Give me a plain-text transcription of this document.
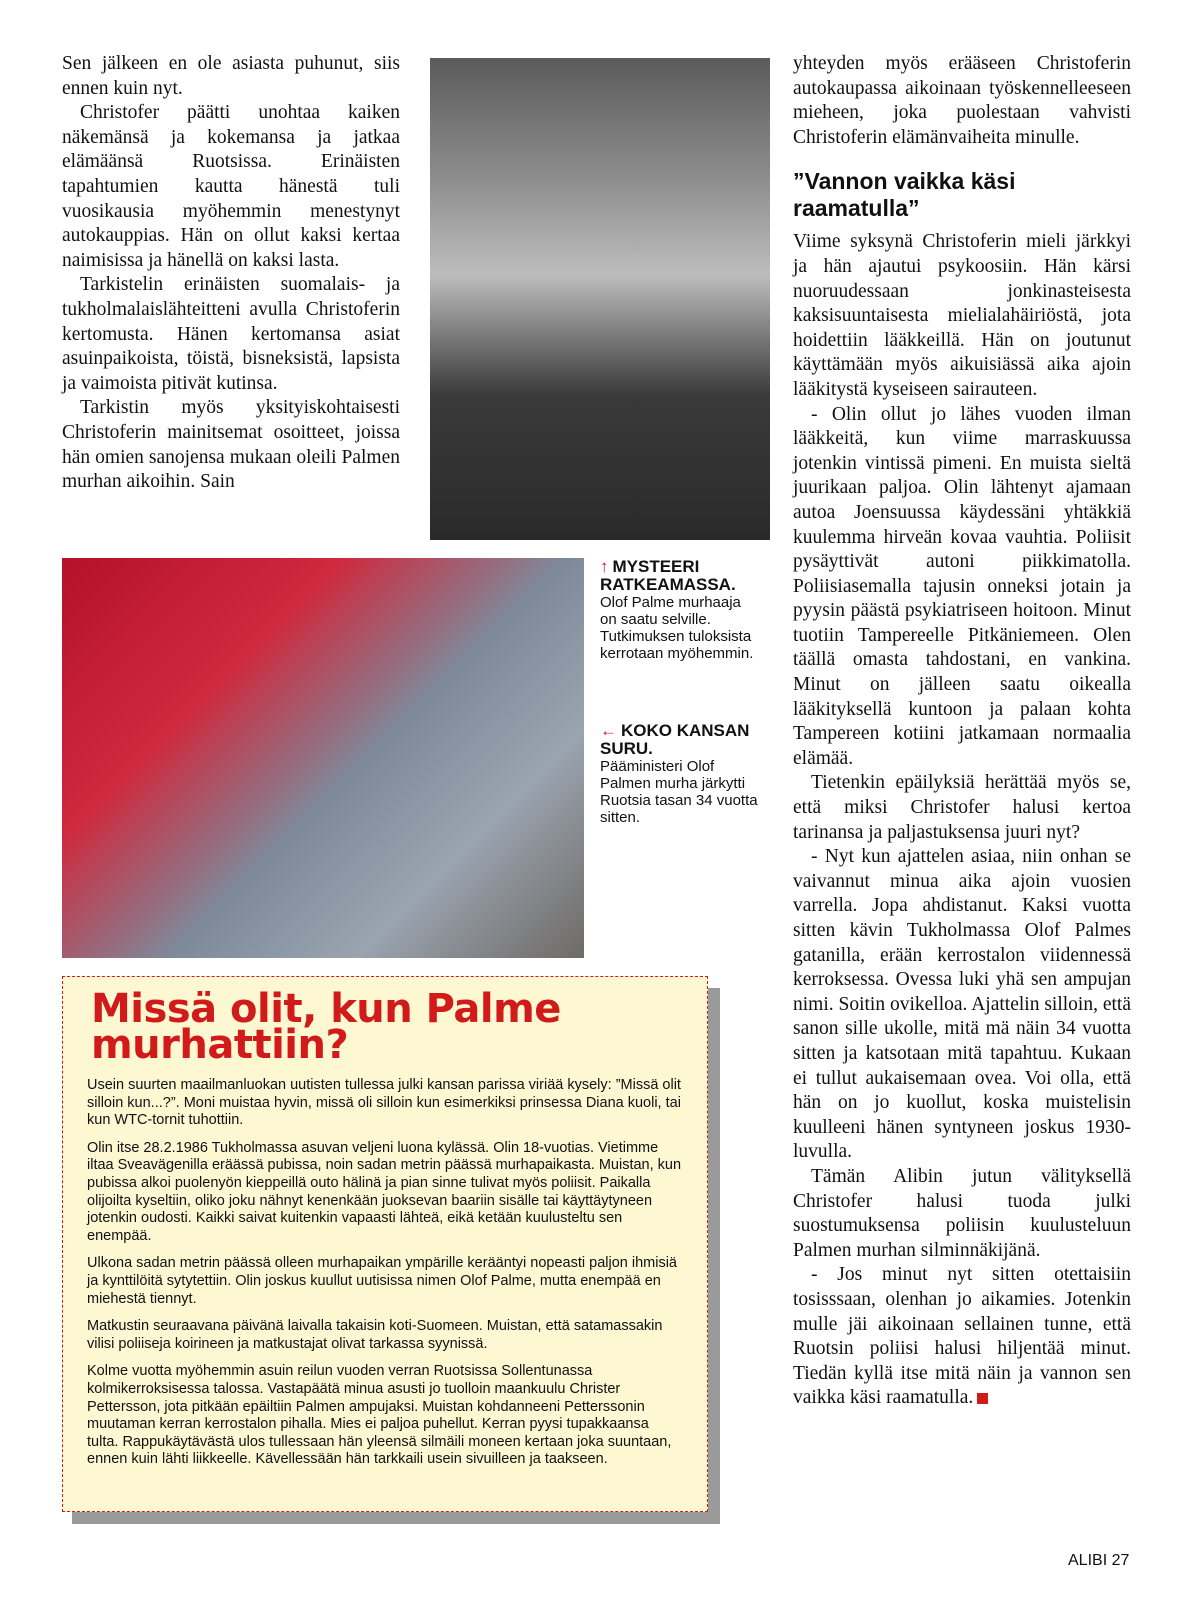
Sen jälkeen en ole asiasta puhunut, siis ennen kuin nyt.

Christofer päätti unohtaa kaiken näkemänsä ja kokemansa ja jatkaa elämäänsä Ruotsissa. Erinäisten tapahtumien kautta hänestä tuli vuosikausia myöhemmin menestynyt autokauppias. Hän on ollut kaksi kertaa naimisissa ja hänellä on kaksi lasta.

Tarkistelin erinäisten suomalais- ja tukholmalaislähteitteni avulla Christoferin kertomusta. Hänen kertomansa asiat asuinpaikoista, töistä, bisneksistä, lapsista ja vaimoista pitivät kutinsa.

Tarkistin myös yksityiskohtaisesti Christoferin mainitsemat osoitteet, joissa hän omien sanojensa mukaan oleili Palmen murhan aikoihin. Sain

↑ MYSTEERI RATKEAMASSA.
Olof Palme murhaaja on saatu selville. Tutkimuksen tuloksista kerrotaan myöhemmin.
← KOKO KANSAN SURU.
Pääministeri Olof Palmen murha järkytti Ruotsia tasan 34 vuotta sitten.
Missä olit, kun Palme murhattiin?

Usein suurten maailmanluokan uutisten tullessa julki kansan parissa viriää kysely: ”Missä olit silloin kun...?”. Moni muistaa hyvin, missä oli silloin kun esimerkiksi prinsessa Diana kuoli, tai kun WTC-tornit tuhottiin.

Olin itse 28.2.1986 Tukholmassa asuvan veljeni luona kylässä. Olin 18-vuotias. Vietimme iltaa Sveavägenilla eräässä pubissa, noin sadan metrin päässä murhapaikasta. Muistan, kun pubissa alkoi puolenyön kieppeillä outo hälinä ja pian sinne tulivat myös poliisit. Paikalla olijoilta kyseltiin, oliko joku nähnyt kenenkään juoksevan baariin sisälle tai käyttäytyneen jotenkin oudosti. Kaikki saivat kuitenkin vapaasti lähteä, eikä ketään kuulusteltu sen enempää.

Ulkona sadan metrin päässä olleen murhapaikan ympärille kerääntyi nopeasti paljon ihmisiä ja kynttilöitä sytytettiin. Olin joskus kuullut uutisissa nimen Olof Palme, mutta enempää en miehestä tiennyt.

Matkustin seuraavana päivänä laivalla takaisin koti-Suomeen. Muistan, että satamassakin vilisi poliiseja koirineen ja matkustajat olivat tarkassa syynissä.

Kolme vuotta myöhemmin asuin reilun vuoden verran Ruotsissa Sollentunassa kolmikerroksisessa talossa. Vastapäätä minua asusti jo tuolloin maankuulu Christer Pettersson, jota pitkään epäiltiin Palmen ampujaksi. Muistan kohdanneeni Petterssonin muutaman kerran kerrostalon pihalla. Mies ei paljoa puhellut. Kerran pyysi tupakkaansa tulta. Rappukäytävästä ulos tullessaan hän yleensä silmäili moneen kertaan joka suuntaan, ennen kuin lähti liikkeelle. Kävellessään hän tarkkaili usein sivuilleen ja taakseen.

yhteyden myös erääseen Christoferin autokaupassa aikoinaan työskennelleeseen mieheen, joka puolestaan vahvisti Christoferin elämänvaiheita minulle.

”Vannon vaikka käsi raamatulla”

Viime syksynä Christoferin mieli järkkyi ja hän ajautui psykoosiin. Hän kärsi nuoruudessaan jonkinasteisesta kaksisuuntaisesta mielialahäiriöstä, jota hoidettiin lääkkeillä. Hän on joutunut käyttämään myös aikuisiässä aika ajoin lääkitystä kyseiseen sairauteen.

- Olin ollut jo lähes vuoden ilman lääkkeitä, kun viime marraskuussa jotenkin vintissä pimeni. En muista sieltä juurikaan paljoa. Olin lähtenyt ajamaan autoa Joensuussa käydessäni yhtäkkiä kuulemma hirveän kovaa vauhtia. Poliisit pysäyttivät autoni piikkimatolla. Poliisiasemalla tajusin onneksi jotain ja pyysin päästä psykiatriseen hoitoon. Minut tuotiin Tampereelle Pitkäniemeen. Olen täällä omasta tahdostani, en vankina. Minut on jälleen saatu oikealla lääkityksellä kuntoon ja palaan kohta Tampereen kotiini jatkamaan normaalia elämää.

Tietenkin epäilyksiä herättää myös se, että miksi Christofer halusi kertoa tarinansa ja paljastuksensa juuri nyt?

- Nyt kun ajattelen asiaa, niin onhan se vaivannut minua aika ajoin vuosien varrella. Jopa ahdistanut. Kaksi vuotta sitten kävin Tukholmassa Olof Palmes gatanilla, erään kerrostalon viidennessä kerroksessa. Ovessa luki yhä sen ampujan nimi. Soitin ovikelloa. Ajattelin silloin, että sanon sille ukolle, mitä mä näin 34 vuotta sitten ja katsotaan mitä tapahtuu. Kukaan ei tullut aukaisemaan ovea. Voi olla, että hän on jo kuollut, koska muistelisin kuulleeni hänen syntyneen joskus 1930-luvulla.

Tämän Alibin jutun välityksellä Christofer halusi tuoda julki suostumuksensa poliisin kuulusteluun Palmen murhan silminnäkijänä.

- Jos minut nyt sitten otettaisiin tosisssaan, olenhan jo aikamies. Jotenkin mulle jäi aikoinaan sellainen tunne, että Ruotsin poliisi halusi hiljentää minut. Tiedän kyllä itse mitä näin ja vannon sen vaikka käsi raamatulla.

ALIBI 27
